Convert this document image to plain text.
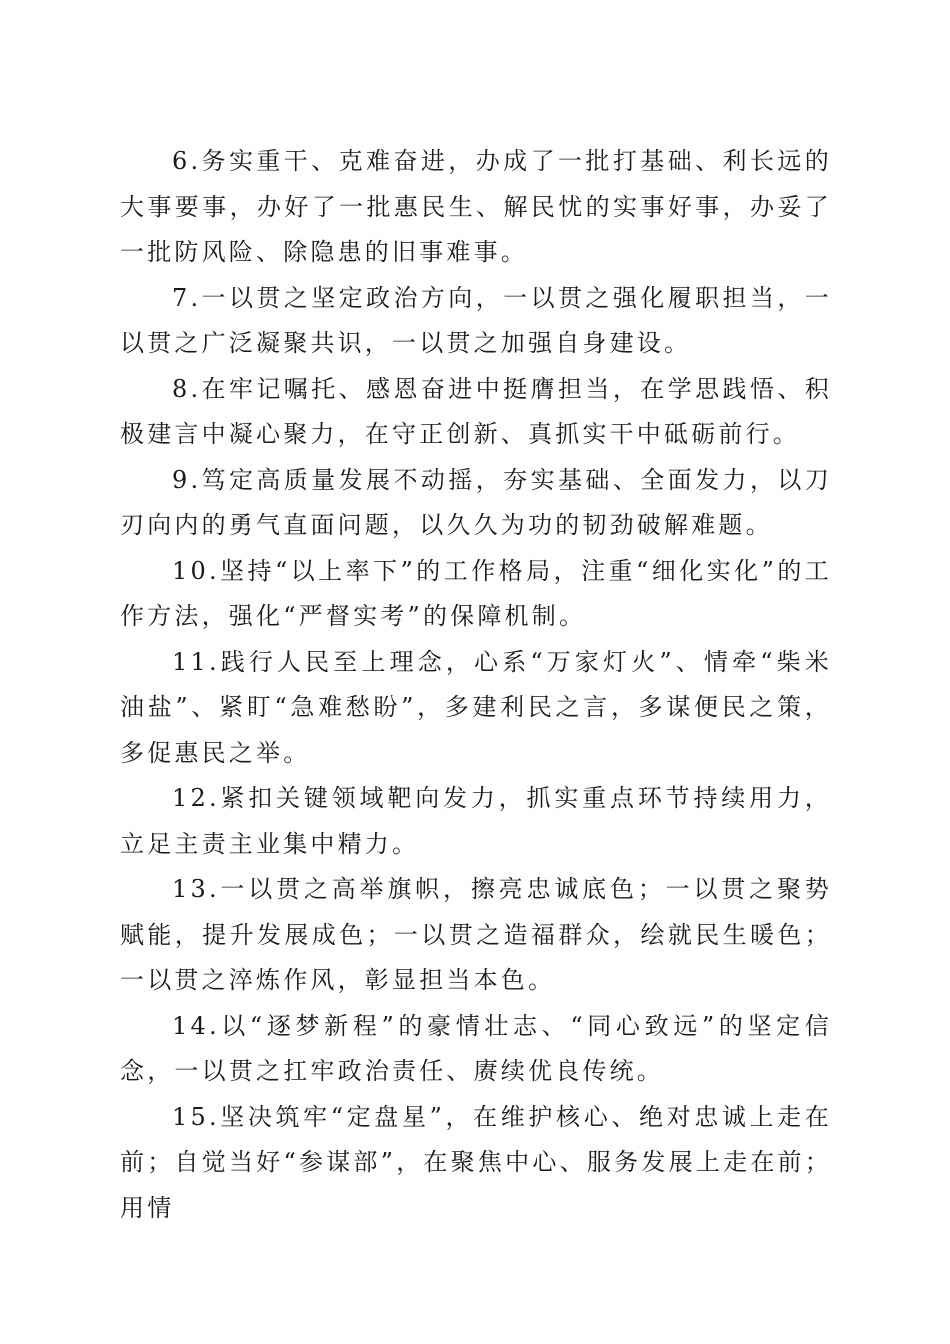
6.务实重干、克难奋进，办成了一批打基础、利长远的大事要事，办好了一批惠民生、解民忧的实事好事，办妥了一批防风险、除隐患的旧事难事。

7.一以贯之坚定政治方向，一以贯之强化履职担当，一以贯之广泛凝聚共识，一以贯之加强自身建设。

8.在牢记嘱托、感恩奋进中挺膺担当，在学思践悟、积极建言中凝心聚力，在守正创新、真抓实干中砥砺前行。

9.笃定高质量发展不动摇，夯实基础、全面发力，以刀刃向内的勇气直面问题，以久久为功的韧劲破解难题。

10.坚持“以上率下”的工作格局，注重“细化实化”的工作方法，强化“严督实考”的保障机制。

11.践行人民至上理念，心系“万家灯火”、情牵“柴米油盐”、紧盯“急难愁盼”，多建利民之言，多谋便民之策，多促惠民之举。

12.紧扣关键领域靶向发力，抓实重点环节持续用力，立足主责主业集中精力。

13.一以贯之高举旗帜，擦亮忠诚底色；一以贯之聚势赋能，提升发展成色；一以贯之造福群众，绘就民生暖色；一以贯之淬炼作风，彰显担当本色。

14.以“逐梦新程”的豪情壮志、“同心致远”的坚定信念，一以贯之扛牢政治责任、赓续优良传统。

15.坚决筑牢“定盘星”，在维护核心、绝对忠诚上走在前；自觉当好“参谋部”，在聚焦中心、服务发展上走在前；用情
